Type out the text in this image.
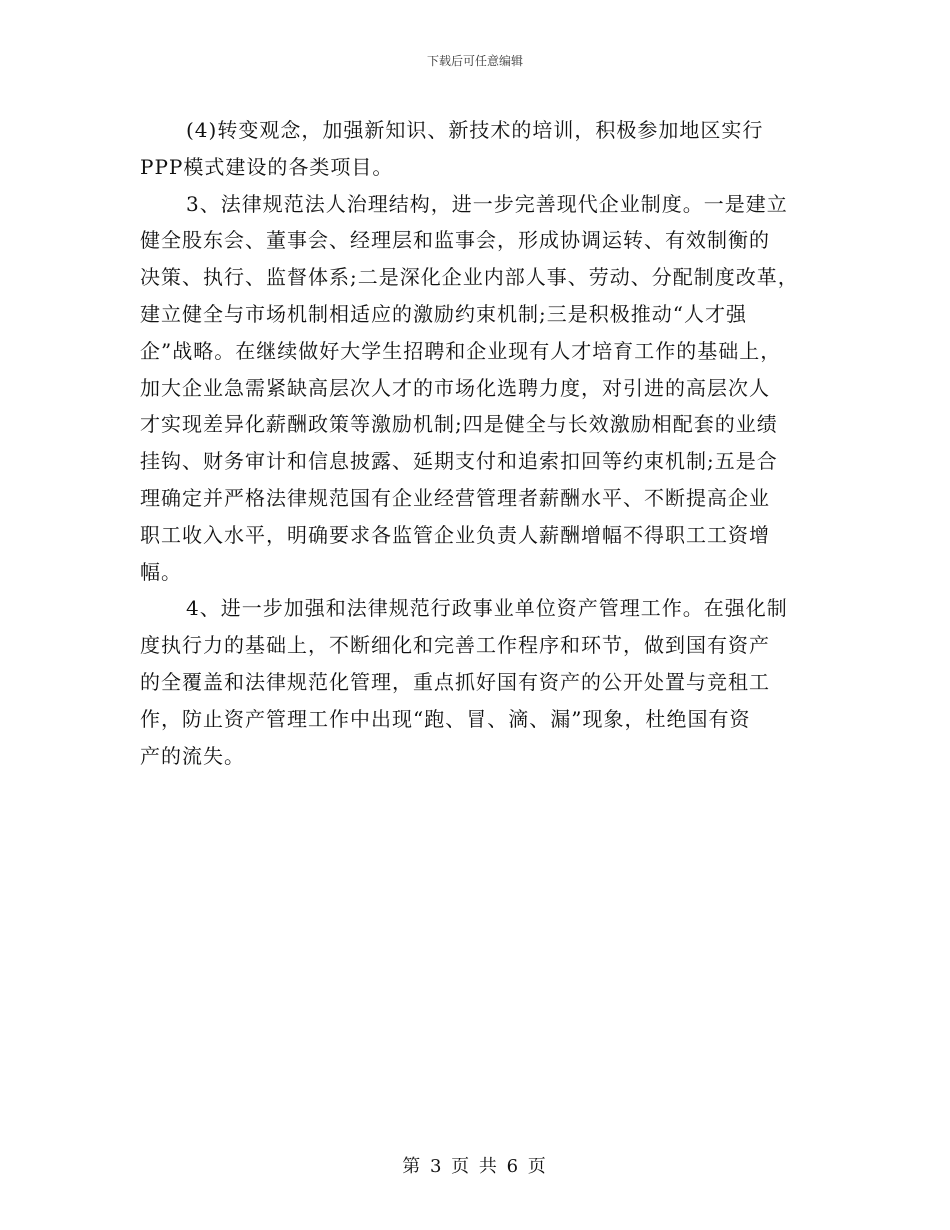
下载后可任意编辑
(4)转变观念，加强新知识、新技术的培训，积极参加地区实行
PPP模式建设的各类项目。
3、法律规范法人治理结构，进一步完善现代企业制度。一是建立
健全股东会、董事会、经理层和监事会，形成协调运转、有效制衡的
决策、执行、监督体系;二是深化企业内部人事、劳动、分配制度改革，
建立健全与市场机制相适应的激励约束机制;三是积极推动“人才强
企”战略。在继续做好大学生招聘和企业现有人才培育工作的基础上，
加大企业急需紧缺高层次人才的市场化选聘力度，对引进的高层次人
才实现差异化薪酬政策等激励机制;四是健全与长效激励相配套的业绩
挂钩、财务审计和信息披露、延期支付和追索扣回等约束机制;五是合
理确定并严格法律规范国有企业经营管理者薪酬水平、不断提高企业
职工收入水平，明确要求各监管企业负责人薪酬增幅不得职工工资增
幅。
4、进一步加强和法律规范行政事业单位资产管理工作。在强化制
度执行力的基础上，不断细化和完善工作程序和环节，做到国有资产
的全覆盖和法律规范化管理，重点抓好国有资产的公开处置与竞租工
作，防止资产管理工作中出现“跑、冒、滴、漏”现象，杜绝国有资
产的流失。
第 3 页 共 6 页
